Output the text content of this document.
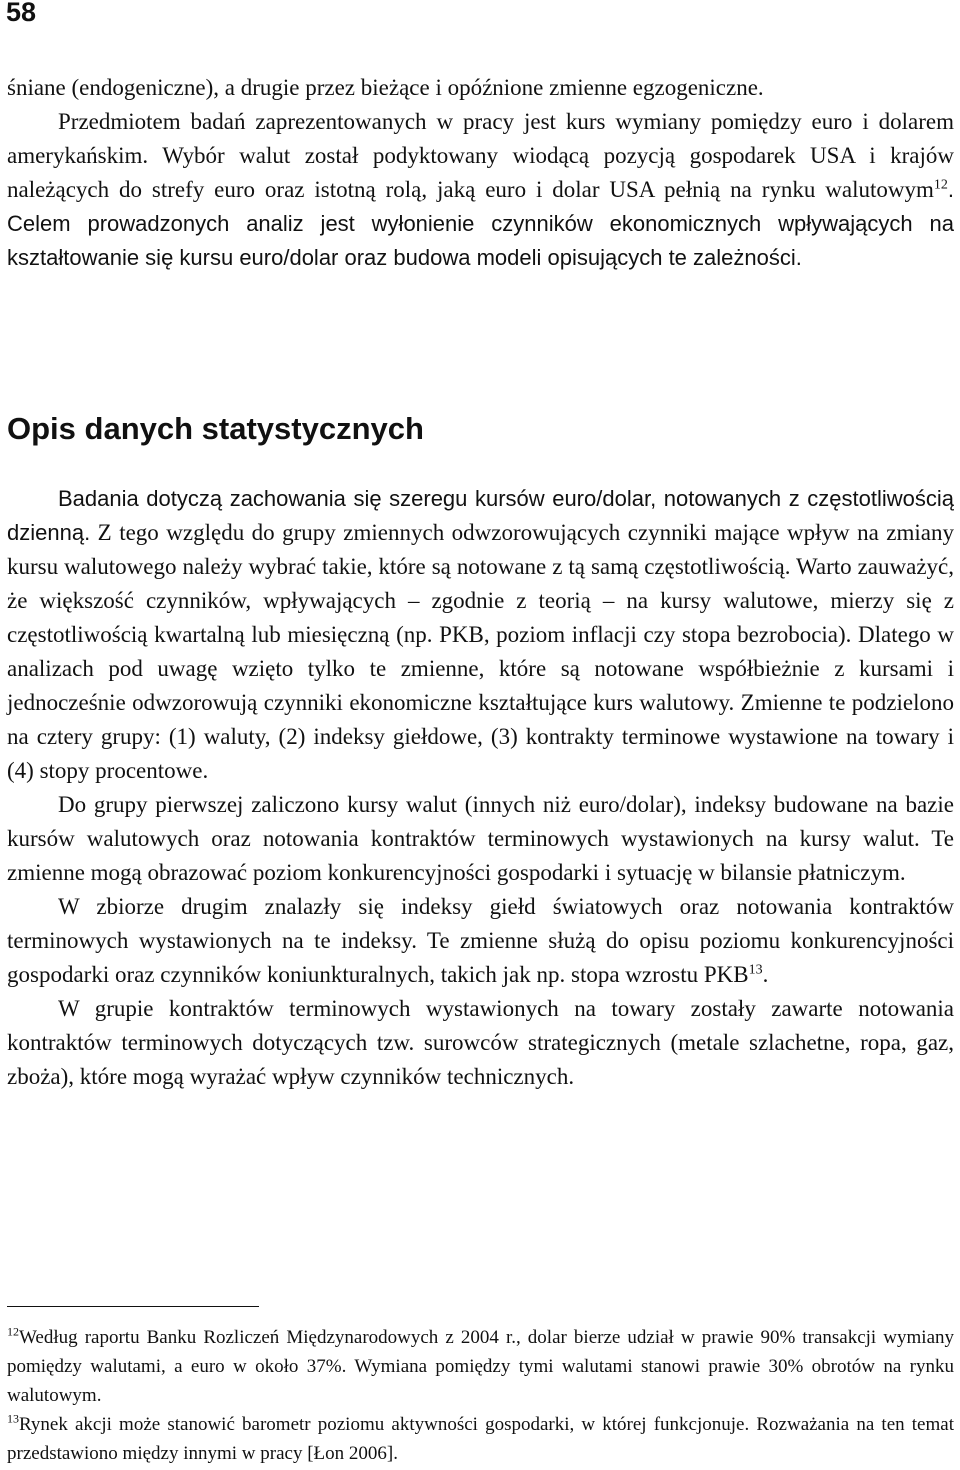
58

śniane (endogeniczne), a drugie przez bieżące i opóźnione zmienne egzogeniczne.

Przedmiotem badań zaprezentowanych w pracy jest kurs wymiany pomiędzy euro i dolarem amerykańskim. Wybór walut został podyktowany wiodącą pozycją gospodarek USA i krajów należących do strefy euro oraz istotną rolą, jaką euro i dolar USA pełnią na rynku walutowym$^{12}$. Celem prowadzonych analiz jest wyłonienie czynników ekonomicznych wpływających na kształtowanie się kursu euro/dolar oraz budowa modeli opisujących te zależności.

Opis danych statystycznych

Badania dotyczą zachowania się szeregu kursów euro/dolar, notowanych z częstotliwością dzienną. Z tego względu do grupy zmiennych odwzorowujących czynniki mające wpływ na zmiany kursu walutowego należy wybrać takie, które są notowane z tą samą częstotliwością. Warto zauważyć, że większość czynników, wpływających – zgodnie z teorią – na kursy walutowe, mierzy się z częstotliwością kwartalną lub miesięczną (np. PKB, poziom inflacji czy stopa bezrobocia). Dlatego w analizach pod uwagę wzięto tylko te zmienne, które są notowane współbieżnie z kursami i jednocześnie odwzorowują czynniki ekonomiczne kształtujące kurs walutowy. Zmienne te podzielono na cztery grupy: (1) waluty, (2) indeksy giełdowe, (3) kontrakty terminowe wystawione na towary i (4) stopy procentowe.

Do grupy pierwszej zaliczono kursy walut (innych niż euro/dolar), indeksy budowane na bazie kursów walutowych oraz notowania kontraktów terminowych wystawionych na kursy walut. Te zmienne mogą obrazować poziom konkurencyjności gospodarki i sytuację w bilansie płatniczym.

W zbiorze drugim znalazły się indeksy giełd światowych oraz notowania kontraktów terminowych wystawionych na te indeksy. Te zmienne służą do opisu poziomu konkurencyjności gospodarki oraz czynników koniunkturalnych, takich jak np. stopa wzrostu PKB$^{13}$.

W grupie kontraktów terminowych wystawionych na towary zostały zawarte notowania kontraktów terminowych dotyczących tzw. surowców strategicznych (metale szlachetne, ropa, gaz, zboża), które mogą wyrażać wpływ czynników technicznych.

$^{12}$Według raportu Banku Rozliczeń Międzynarodowych z 2004 r., dolar bierze udział w prawie 90% transakcji wymiany pomiędzy walutami, a euro w około 37%. Wymiana pomiędzy tymi walutami stanowi prawie 30% obrotów na rynku walutowym.

$^{13}$Rynek akcji może stanowić barometr poziomu aktywności gospodarki, w której funkcjonuje. Rozważania na ten temat przedstawiono między innymi w pracy [Łon 2006].
